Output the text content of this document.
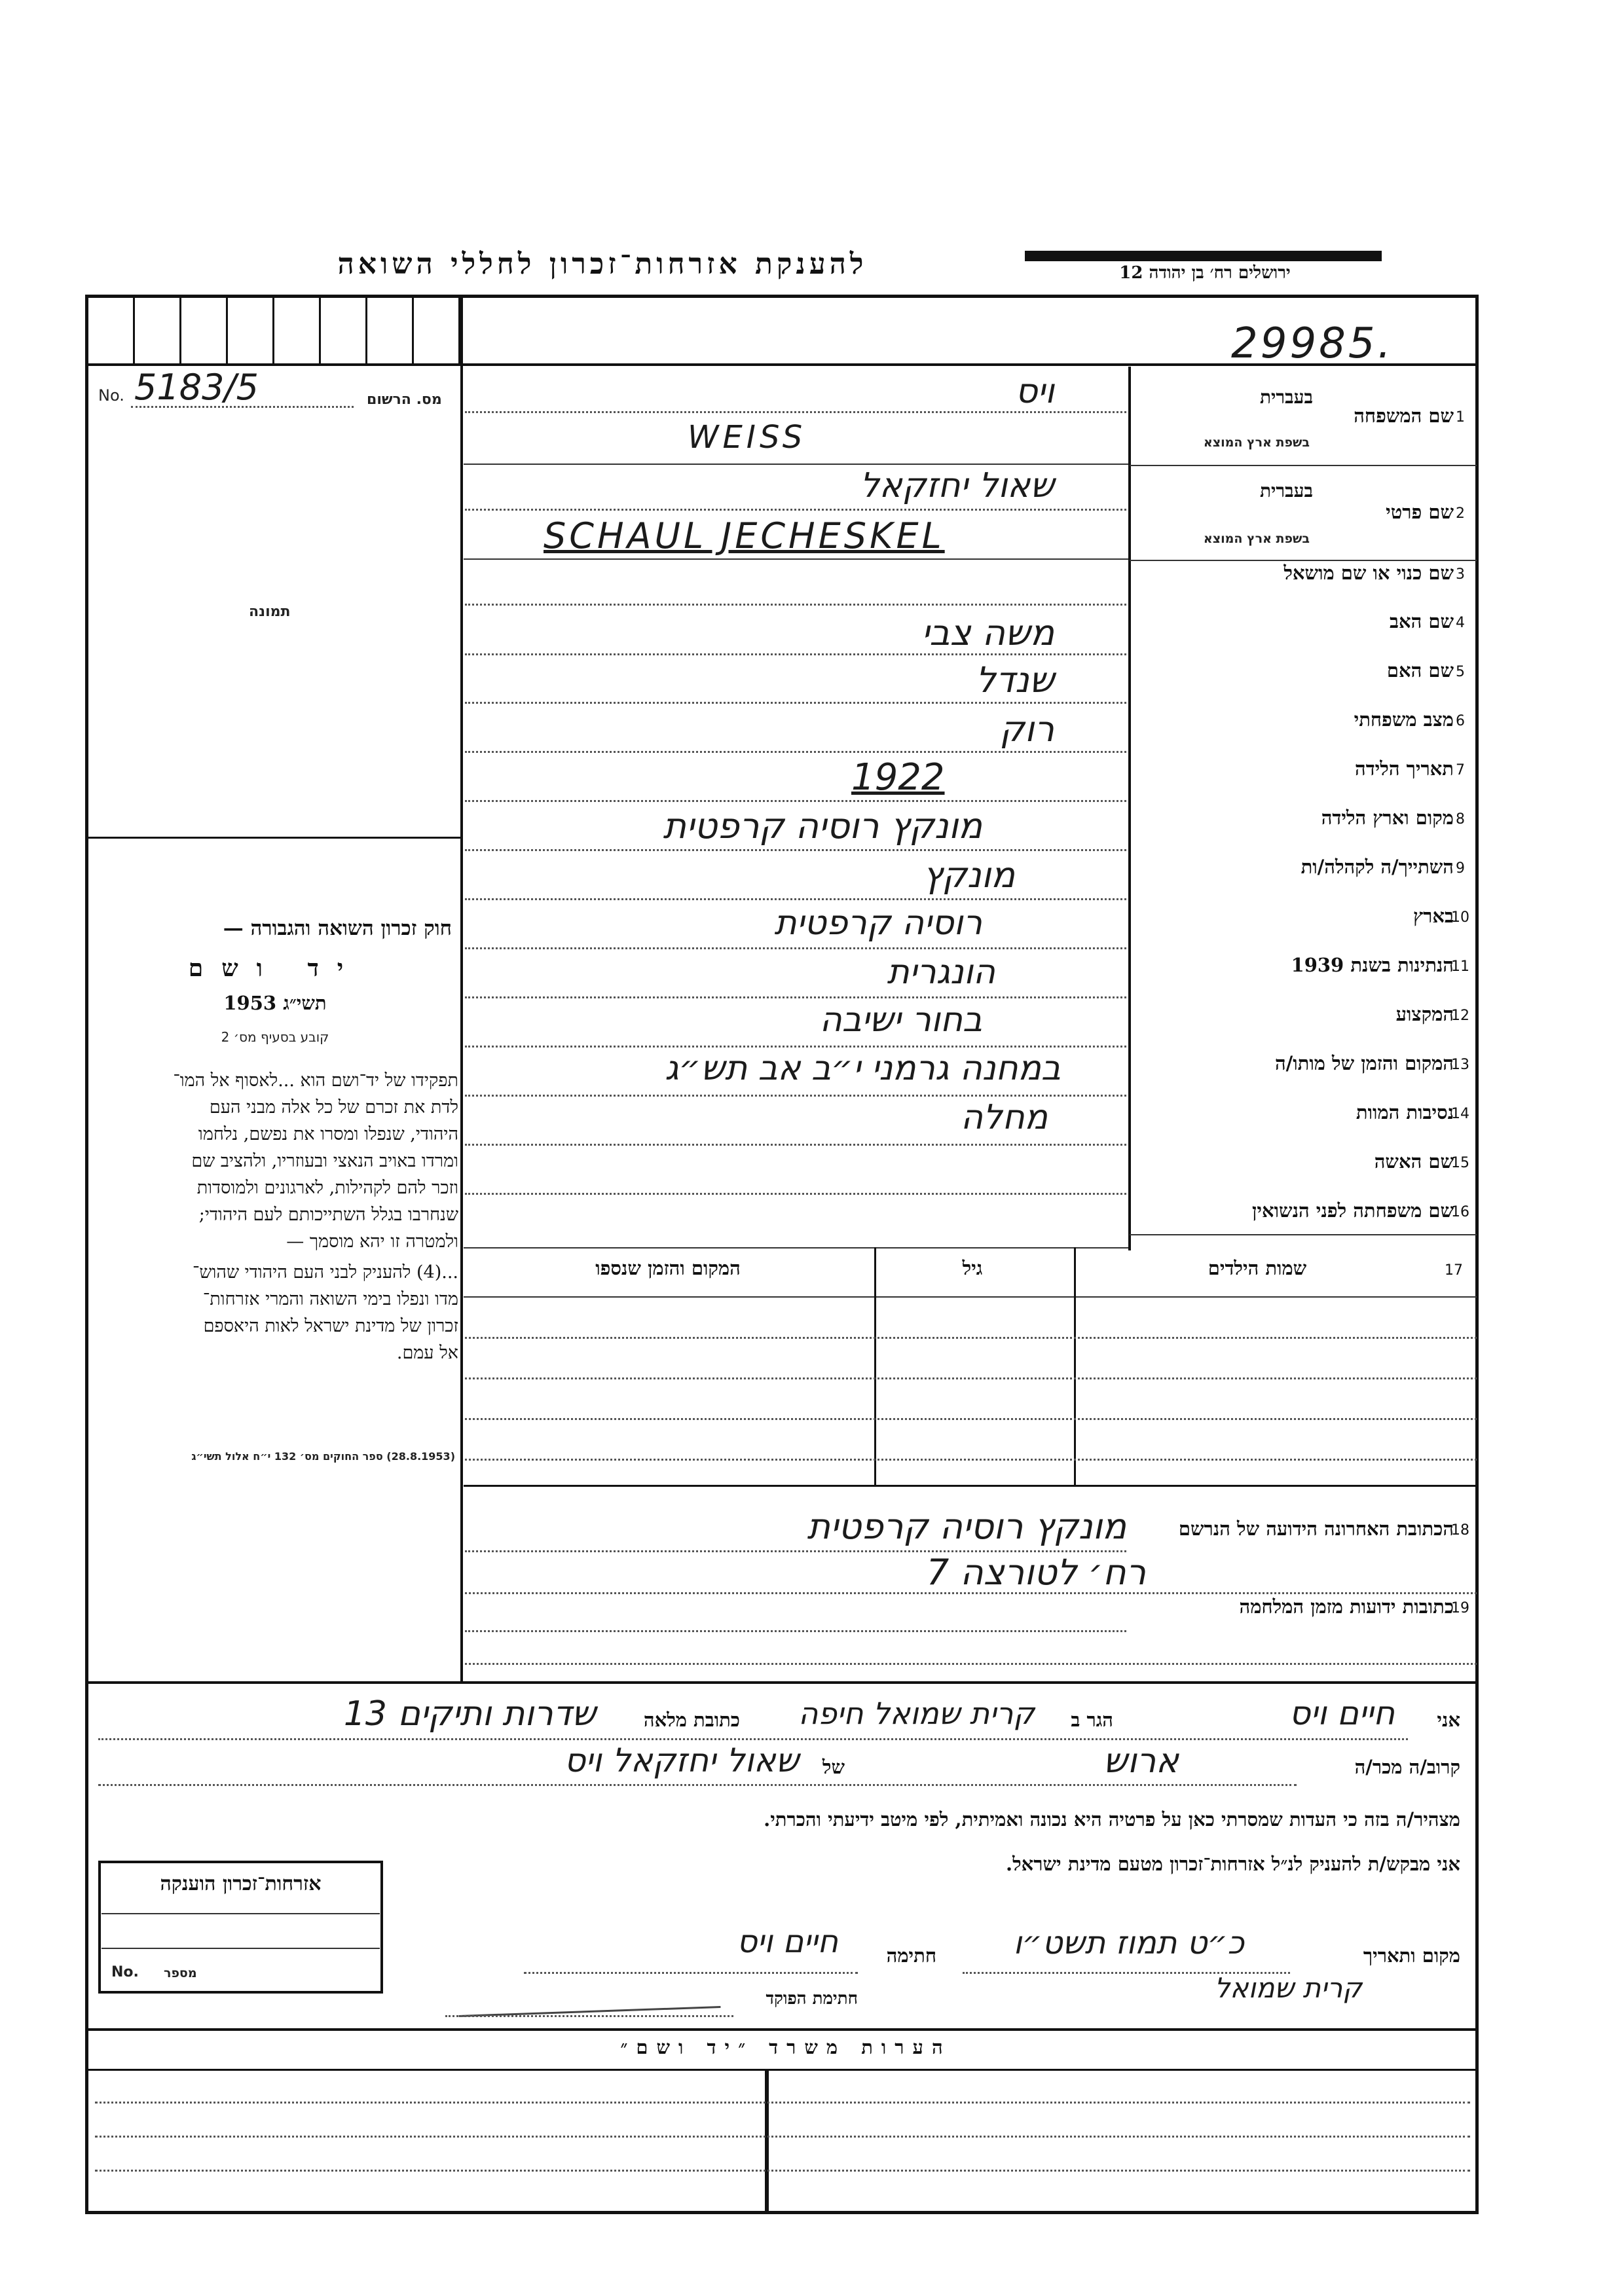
להענקת אזרחות־זכרון לחללי השואה	ירושלים רח׳ בן יהודה 12
29985.
No. 5183/5	מס. הרשום
תמונה
חוק זכרון השואה והגבורה —
יד ושם
תשי״ג 1953
קובע בסעיף מס׳ 2
תפקידו של יד־ושם הוא ...לאסוף אל המו־
לדת את זכרם של כל אלה מבני העם
היהודי, שנפלו ומסרו את נפשם, נלחמו
ומרדו באויב הנאצי ובעוזריו, ולהציב שם
וזכר להם לקהילות, לארגונים ולמוסדות
שנחרבו בגלל השתייכותם לעם היהודי;
ולמטרה זו יהא מוסמך —
...(4) להעניק לבני העם היהודי שהוש־
מדו ונפלו בימי השואה והמרי אזרחות־
זכרון של מדינת ישראל לאות היאספם
אל עמם.
(28.8.1953) ספר החוקים מס׳ 132 י״ח אלול תשי״ג
בעברית
בשפת ארץ המוצא
שם המשפחה 1
בעברית
בשפת ארץ המוצא
שם פרטי 2
שם כנוי או שם מושאל 3
שם האב 4
שם האם 5
מצב משפחתי 6
תאריך הלידה 7
מקום וארץ הלידה 8
השתייך/ה לקהלה/ות 9
בארץ
10
הנתינות בשנת 1939
11
המקצוע
12
המקום והזמן של מותו/ה
13
נסיבות המוות
14
שם האשה
15
שם משפחתה לפני הנשואין
16
ויס
WEISS
שאול יחזקאל
SCHAUL JECHESKEL
משה צבי
שנדל
רוק
1922
מונקץ רוסיה קרפטית
מונקץ
רוסיה קרפטית
הונגרית
בחור ישיבה
במחנה גרמני י״ב אב תש״ג
מחלה
17
שמות הילדים
גיל
המקום והזמן שנספו
הכתובת האחרונה הידועה של הנרשם
18
מונקץ רוסיה קרפטית
רח׳ לטורצה 7
כתובות ידועות מזמן המלחמה
19
אני
חיים ויס
הגר ב
קרית שמואל חיפה
כתובת מלאה
שדרות ותיקים 13
קרוב/ה מכר/ה
ארוש
של
שאול יחזקאל ויס
מצהיר/ה בזה כי העדות שמסרתי כאן על פרטיה היא נכונה ואמיתית, לפי מיטב ידיעתי והכרתי.
אני מבקש/ת להעניק לנ״ל אזרחות־זכרון מטעם מדינת ישראל.
אזרחות־זכרון הוענקה
No. מספר
מקום ותאריך
כ״ט תמוז תשט״ו
קרית שמואל
חתימה
חיים ויס
חתימת הפוקד
הערות משרד ״יד ושם״
